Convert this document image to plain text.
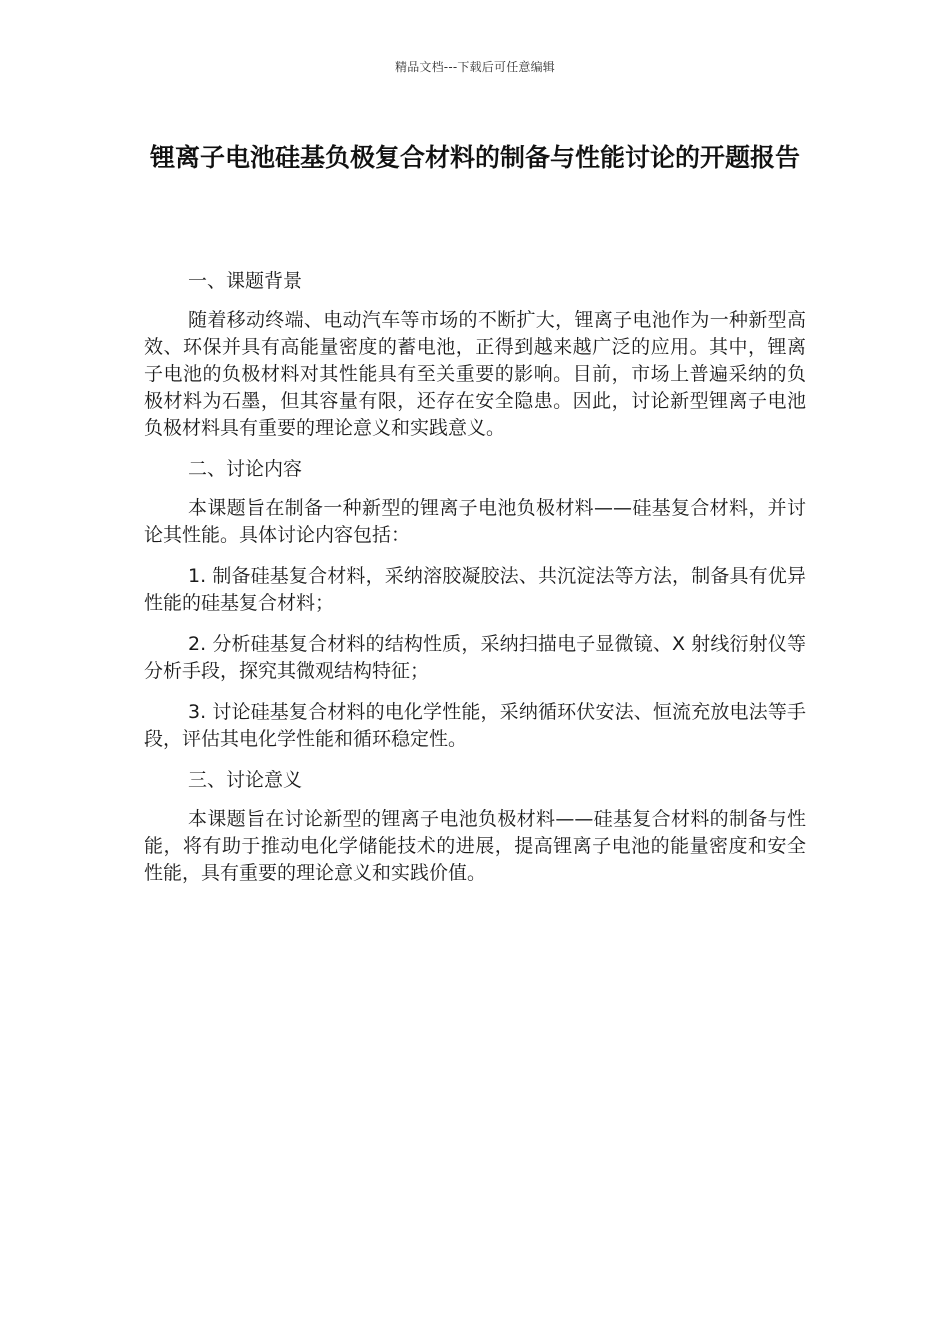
精品文档---下载后可任意编辑
锂离子电池硅基负极复合材料的制备与性能讨论的开题报告

一、课题背景

随着移动终端、电动汽车等市场的不断扩大，锂离子电池作为一种新型高效、环保并具有高能量密度的蓄电池，正得到越来越广泛的应用。其中，锂离子电池的负极材料对其性能具有至关重要的影响。目前，市场上普遍采纳的负极材料为石墨，但其容量有限，还存在安全隐患。因此，讨论新型锂离子电池负极材料具有重要的理论意义和实践意义。

二、讨论内容

本课题旨在制备一种新型的锂离子电池负极材料——硅基复合材料，并讨论其性能。具体讨论内容包括：

1. 制备硅基复合材料，采纳溶胶凝胶法、共沉淀法等方法，制备具有优异性能的硅基复合材料；
2. 分析硅基复合材料的结构性质，采纳扫描电子显微镜、X 射线衍射仪等分析手段，探究其微观结构特征；
3. 讨论硅基复合材料的电化学性能，采纳循环伏安法、恒流充放电法等手段，评估其电化学性能和循环稳定性。

三、讨论意义

本课题旨在讨论新型的锂离子电池负极材料——硅基复合材料的制备与性能，将有助于推动电化学储能技术的进展，提高锂离子电池的能量密度和安全性能，具有重要的理论意义和实践价值。
